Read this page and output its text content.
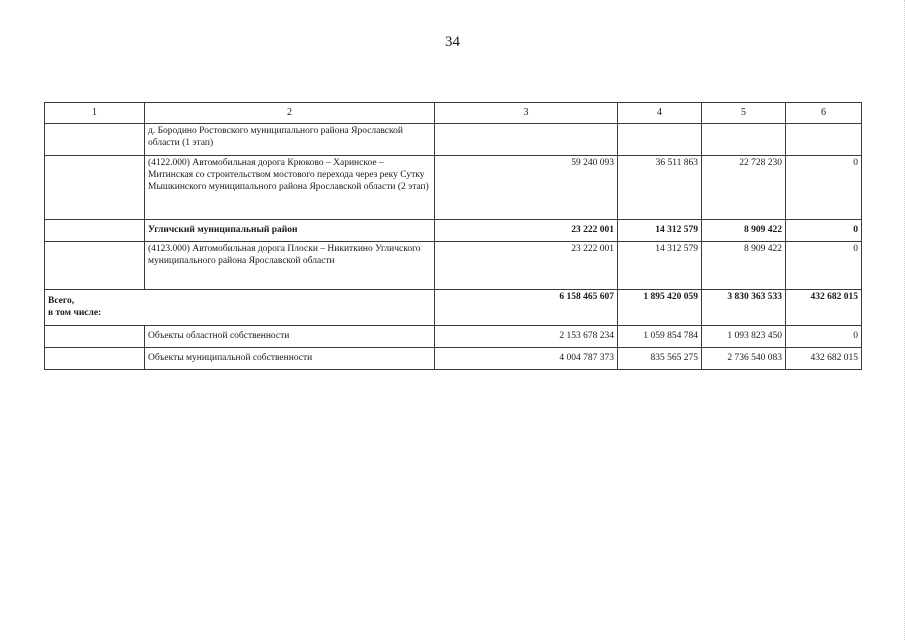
34
1	2	3	4	5	6
	д. Бородино Ростовского муниципального района Ярославской области (1 этап)				
	(4122.000) Автомобильная дорога Крюково – Харинское – Митинская со строительством мостового перехода через реку Сутку Мышкинского муниципального района Ярославской области (2 этап)	59 240 093	36 511 863	22 728 230	0
	Угличский муниципальный район	23 222 001	14 312 579	8 909 422	0
	(4123.000) Автомобильная дорога Плоски – Никиткино Угличского муниципального района Ярославской области	23 222 001	14 312 579	8 909 422	0

Всего,
в том числе:		6 158 465 607	1 895 420 059	3 830 363 533	432 682 015
	Объекты областной собственности	2 153 678 234	1 059 854 784	1 093 823 450	0
	Объекты муниципальной собственности	4 004 787 373	835 565 275	2 736 540 083	432 682 015
